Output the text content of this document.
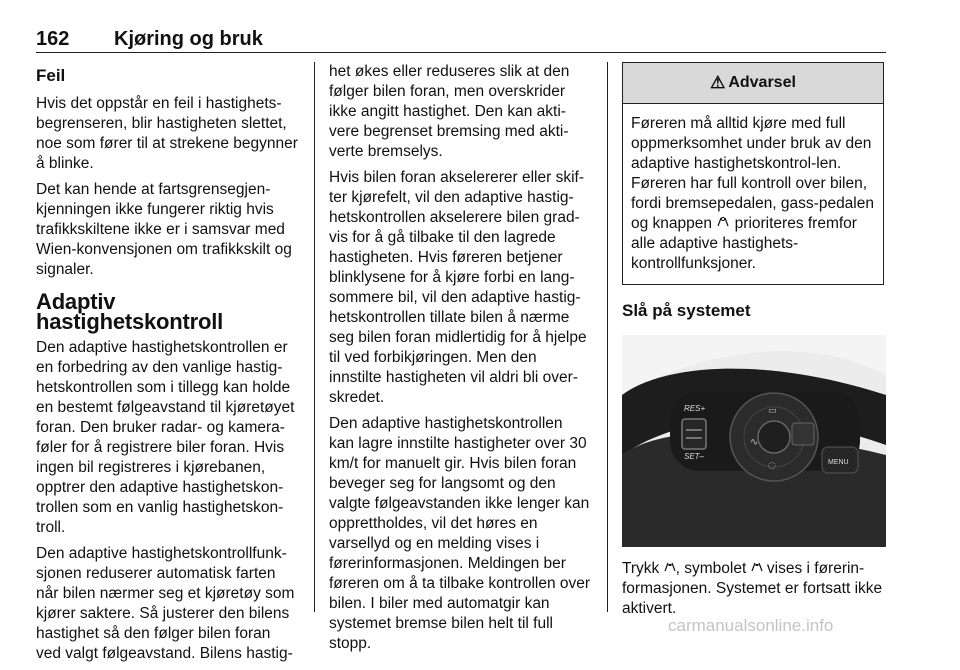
162 Kjøring og bruk
Feil

Hvis det oppstår en feil i hastighets-begrenseren, blir hastigheten slettet, noe som fører til at strekene begynner å blinke.

Det kan hende at fartsgrensegjen-kjenningen ikke fungerer riktig hvis trafikkskiltene ikke er i samsvar med Wien-konvensjonen om trafikkskilt og signaler.

Adaptiv hastighetskontroll

Den adaptive hastighetskontrollen er en forbedring av den vanlige hastig-hetskontrollen som i tillegg kan holde en bestemt følgeavstand til kjøretøyet foran. Den bruker radar- og kamera-føler for å registrere biler foran. Hvis ingen bil registreres i kjørebanen, opptrer den adaptive hastighetskon-trollen som en vanlig hastighetskon-troll.

Den adaptive hastighetskontrollfunk-sjonen reduserer automatisk farten når bilen nærmer seg et kjøretøy som kjører saktere. Så justerer den bilens hastighet så den følger bilen foran ved valgt følgeavstand. Bilens hastig-

het økes eller reduseres slik at den følger bilen foran, men overskrider ikke angitt hastighet. Den kan akti-vere begrenset bremsing med akti-verte bremselys.

Hvis bilen foran akselererer eller skif-ter kjørefelt, vil den adaptive hastig-hetskontrollen akselerere bilen grad-vis for å gå tilbake til den lagrede hastigheten. Hvis føreren betjener blinklysene for å kjøre forbi en lang-sommere bil, vil den adaptive hastig-hetskontrollen tillate bilen å nærme seg bilen foran midlertidig for å hjelpe til ved forbikjøringen. Men den innstilte hastigheten vil aldri bli over-skredet.

Den adaptive hastighetskontrollen kan lagre innstilte hastigheter over 30 km/t for manuelt gir. Hvis bilen foran beveger seg for langsomt og den valgte følgeavstanden ikke lenger kan opprettholdes, vil det høres en varsellyd og en melding vises i førerinformasjonen. Meldingen ber føreren om å ta tilbake kontrollen over bilen. I biler med automatgir kan systemet bremse bilen helt til full stopp.

⚠ Advarsel
Føreren må alltid kjøre med full oppmerksomhet under bruk av den adaptive hastighetskontrol-len. Føreren har full kontroll over bilen, fordi bremsepedalen, gass-pedalen og knappen prioriteres fremfor alle adaptive hastighets-kontrollfunksjoner.
Slå på systemet
∿
▭
◌
RES+
SET–
MENU

Trykk , symbolet vises i førerin-formasjonen. Systemet er fortsatt ikke aktivert.

carmanualsonline.info
